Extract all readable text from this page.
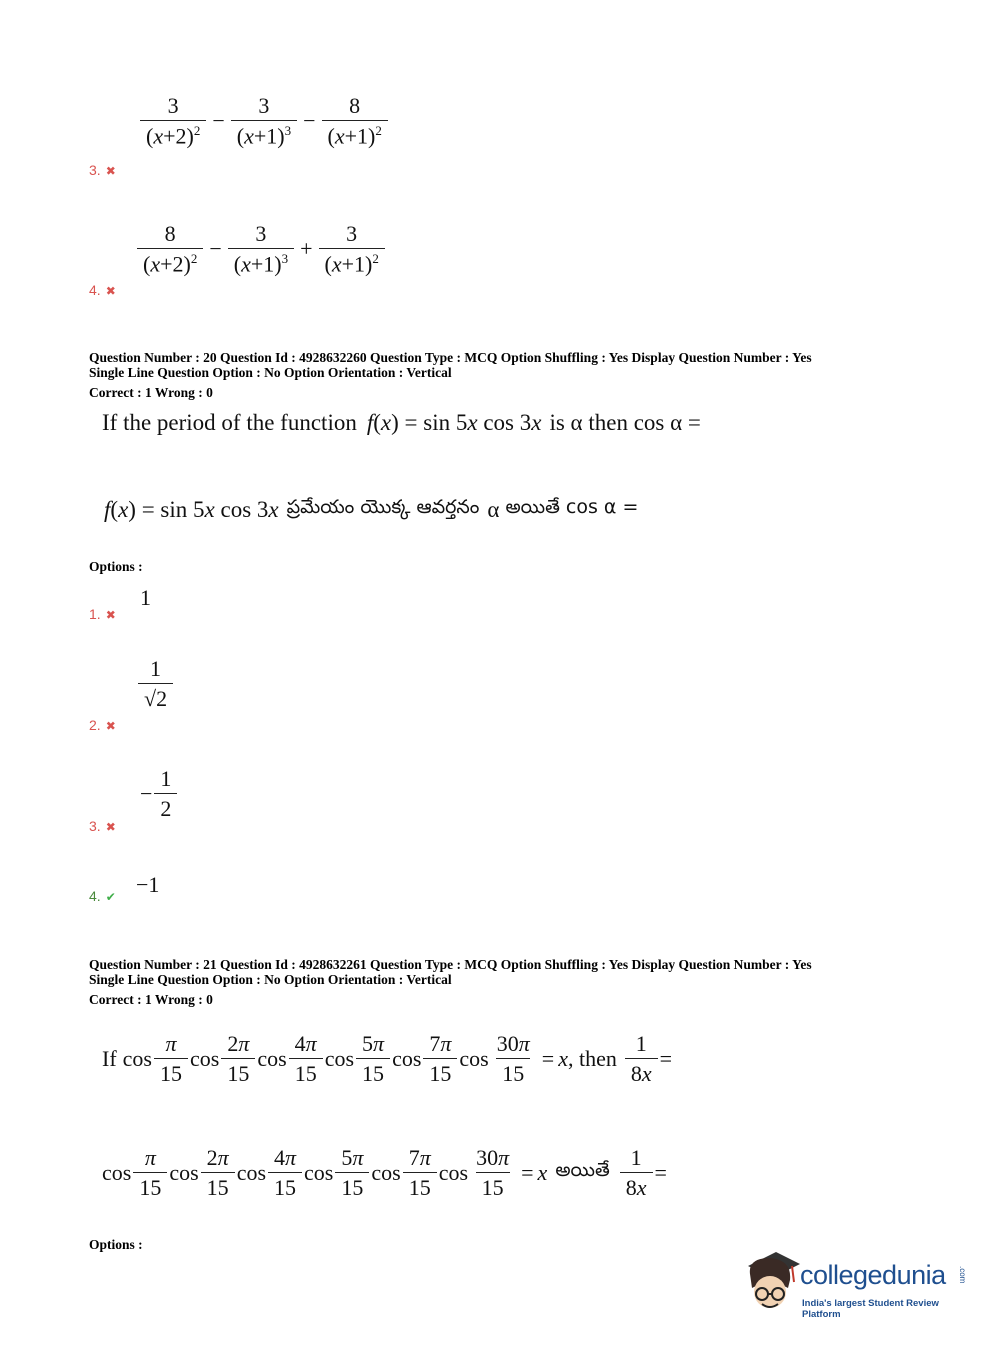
$\frac{3}{(x+2)^2} - \frac{3}{(x+1)^3} - \frac{8}{(x+1)^2}$
3. ✖
$\frac{8}{(x+2)^2} - \frac{3}{(x+1)^3} + \frac{3}{(x+1)^2}$
4. ✖
Question Number : 20 Question Id : 4928632260 Question Type : MCQ Option Shuffling : Yes Display Question Number : Yes
Single Line Question Option : No Option Orientation : Vertical
Correct : 1 Wrong : 0
If the period of the function f(x) = sin 5x cos 3x is α then cos α =
f(x) = sin 5x cos 3x ప్రమేయం యొక్క ఆవర్తనం α అయితే cos α =
Options :
1
1. ✖
$\frac{1}{√2}$
2. ✖
− $\frac{1}{2}$
3. ✖
−1
4. ✔
Question Number : 21 Question Id : 4928632261 Question Type : MCQ Option Shuffling : Yes Display Question Number : Yes
Single Line Question Option : No Option Orientation : Vertical
Correct : 1 Wrong : 0
If $\cos \frac{\pi}{15}$ $\cos \frac{2\pi}{15}$ $\cos \frac{4\pi}{15}$ $\cos \frac{5\pi}{15}$ $\cos \frac{7\pi}{15}$ $\cos \frac{30\pi}{15} = x$ , then $\frac{1}{8x}$ =
$\cos \frac{\pi}{15}$ $\cos \frac{2\pi}{15}$ $\cos \frac{4\pi}{15}$ $\cos \frac{5\pi}{15}$ $\cos \frac{7\pi}{15}$ $\cos \frac{30\pi}{15} = x$ అయితే $\frac{1}{8x}$ =
Options :
collegedunia .com
India's largest Student Review Platform
